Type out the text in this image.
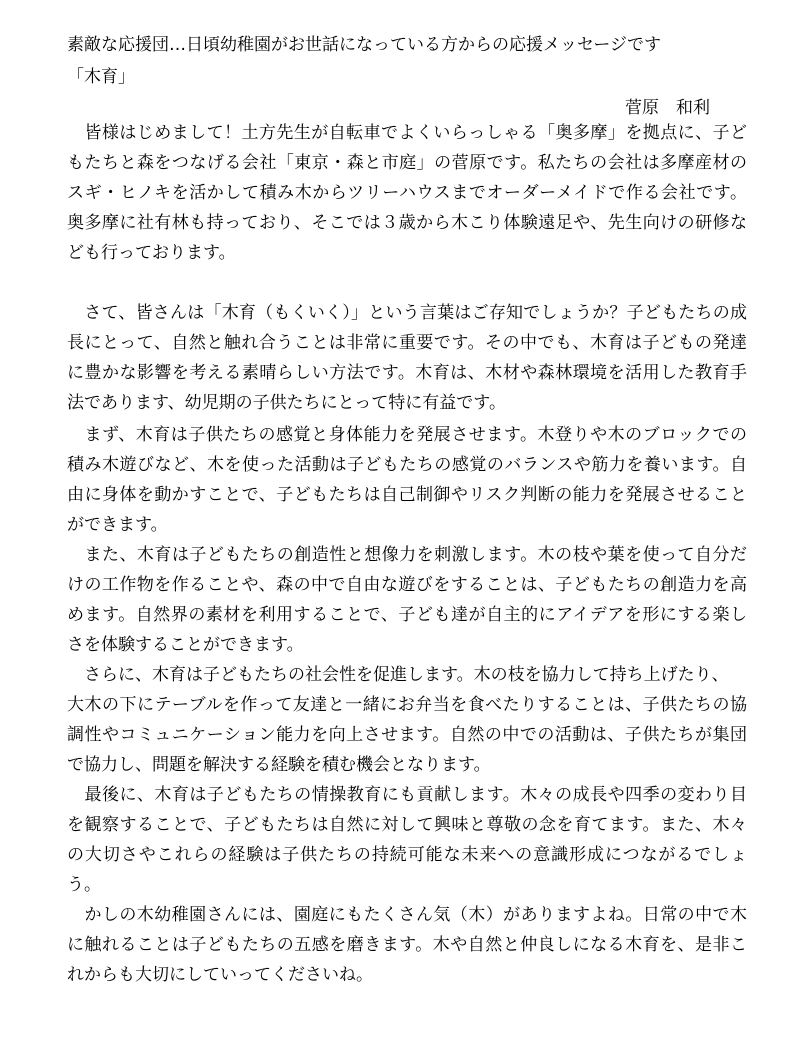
素敵な応援団…日頃幼稚園がお世話になっている方からの応援メッセージです
「木育」
菅原　和利
　皆様はじめまして！土方先生が自転車でよくいらっしゃる「奥多摩」を拠点に、子ど
もたちと森をつなげる会社「東京・森と市庭」の菅原です。私たちの会社は多摩産材の
スギ・ヒノキを活かして積み木からツリーハウスまでオーダーメイドで作る会社です。
奥多摩に社有林も持っており、そこでは３歳から木こり体験遠足や、先生向けの研修な
ども行っております。
　さて、皆さんは「木育（もくいく）」という言葉はご存知でしょうか？子どもたちの成
長にとって、自然と触れ合うことは非常に重要です。その中でも、木育は子どもの発達
に豊かな影響を考える素晴らしい方法です。木育は、木材や森林環境を活用した教育手
法であります、幼児期の子供たちにとって特に有益です。
　まず、木育は子供たちの感覚と身体能力を発展させます。木登りや木のブロックでの
積み木遊びなど、木を使った活動は子どもたちの感覚のバランスや筋力を養います。自
由に身体を動かすことで、子どもたちは自己制御やリスク判断の能力を発展させること
ができます。
　また、木育は子どもたちの創造性と想像力を刺激します。木の枝や葉を使って自分だ
けの工作物を作ることや、森の中で自由な遊びをすることは、子どもたちの創造力を高
めます。自然界の素材を利用することで、子ども達が自主的にアイデアを形にする楽し
さを体験することができます。
　さらに、木育は子どもたちの社会性を促進します。木の枝を協力して持ち上げたり、
大木の下にテーブルを作って友達と一緒にお弁当を食べたりすることは、子供たちの協
調性やコミュニケーション能力を向上させます。自然の中での活動は、子供たちが集団
で協力し、問題を解決する経験を積む機会となります。
　最後に、木育は子どもたちの情操教育にも貢献します。木々の成長や四季の変わり目
を観察することで、子どもたちは自然に対して興味と尊敬の念を育てます。また、木々
の大切さやこれらの経験は子供たちの持続可能な未来への意識形成につながるでしょ
う。
　かしの木幼稚園さんには、園庭にもたくさん気（木）がありますよね。日常の中で木
に触れることは子どもたちの五感を磨きます。木や自然と仲良しになる木育を、是非こ
れからも大切にしていってくださいね。
